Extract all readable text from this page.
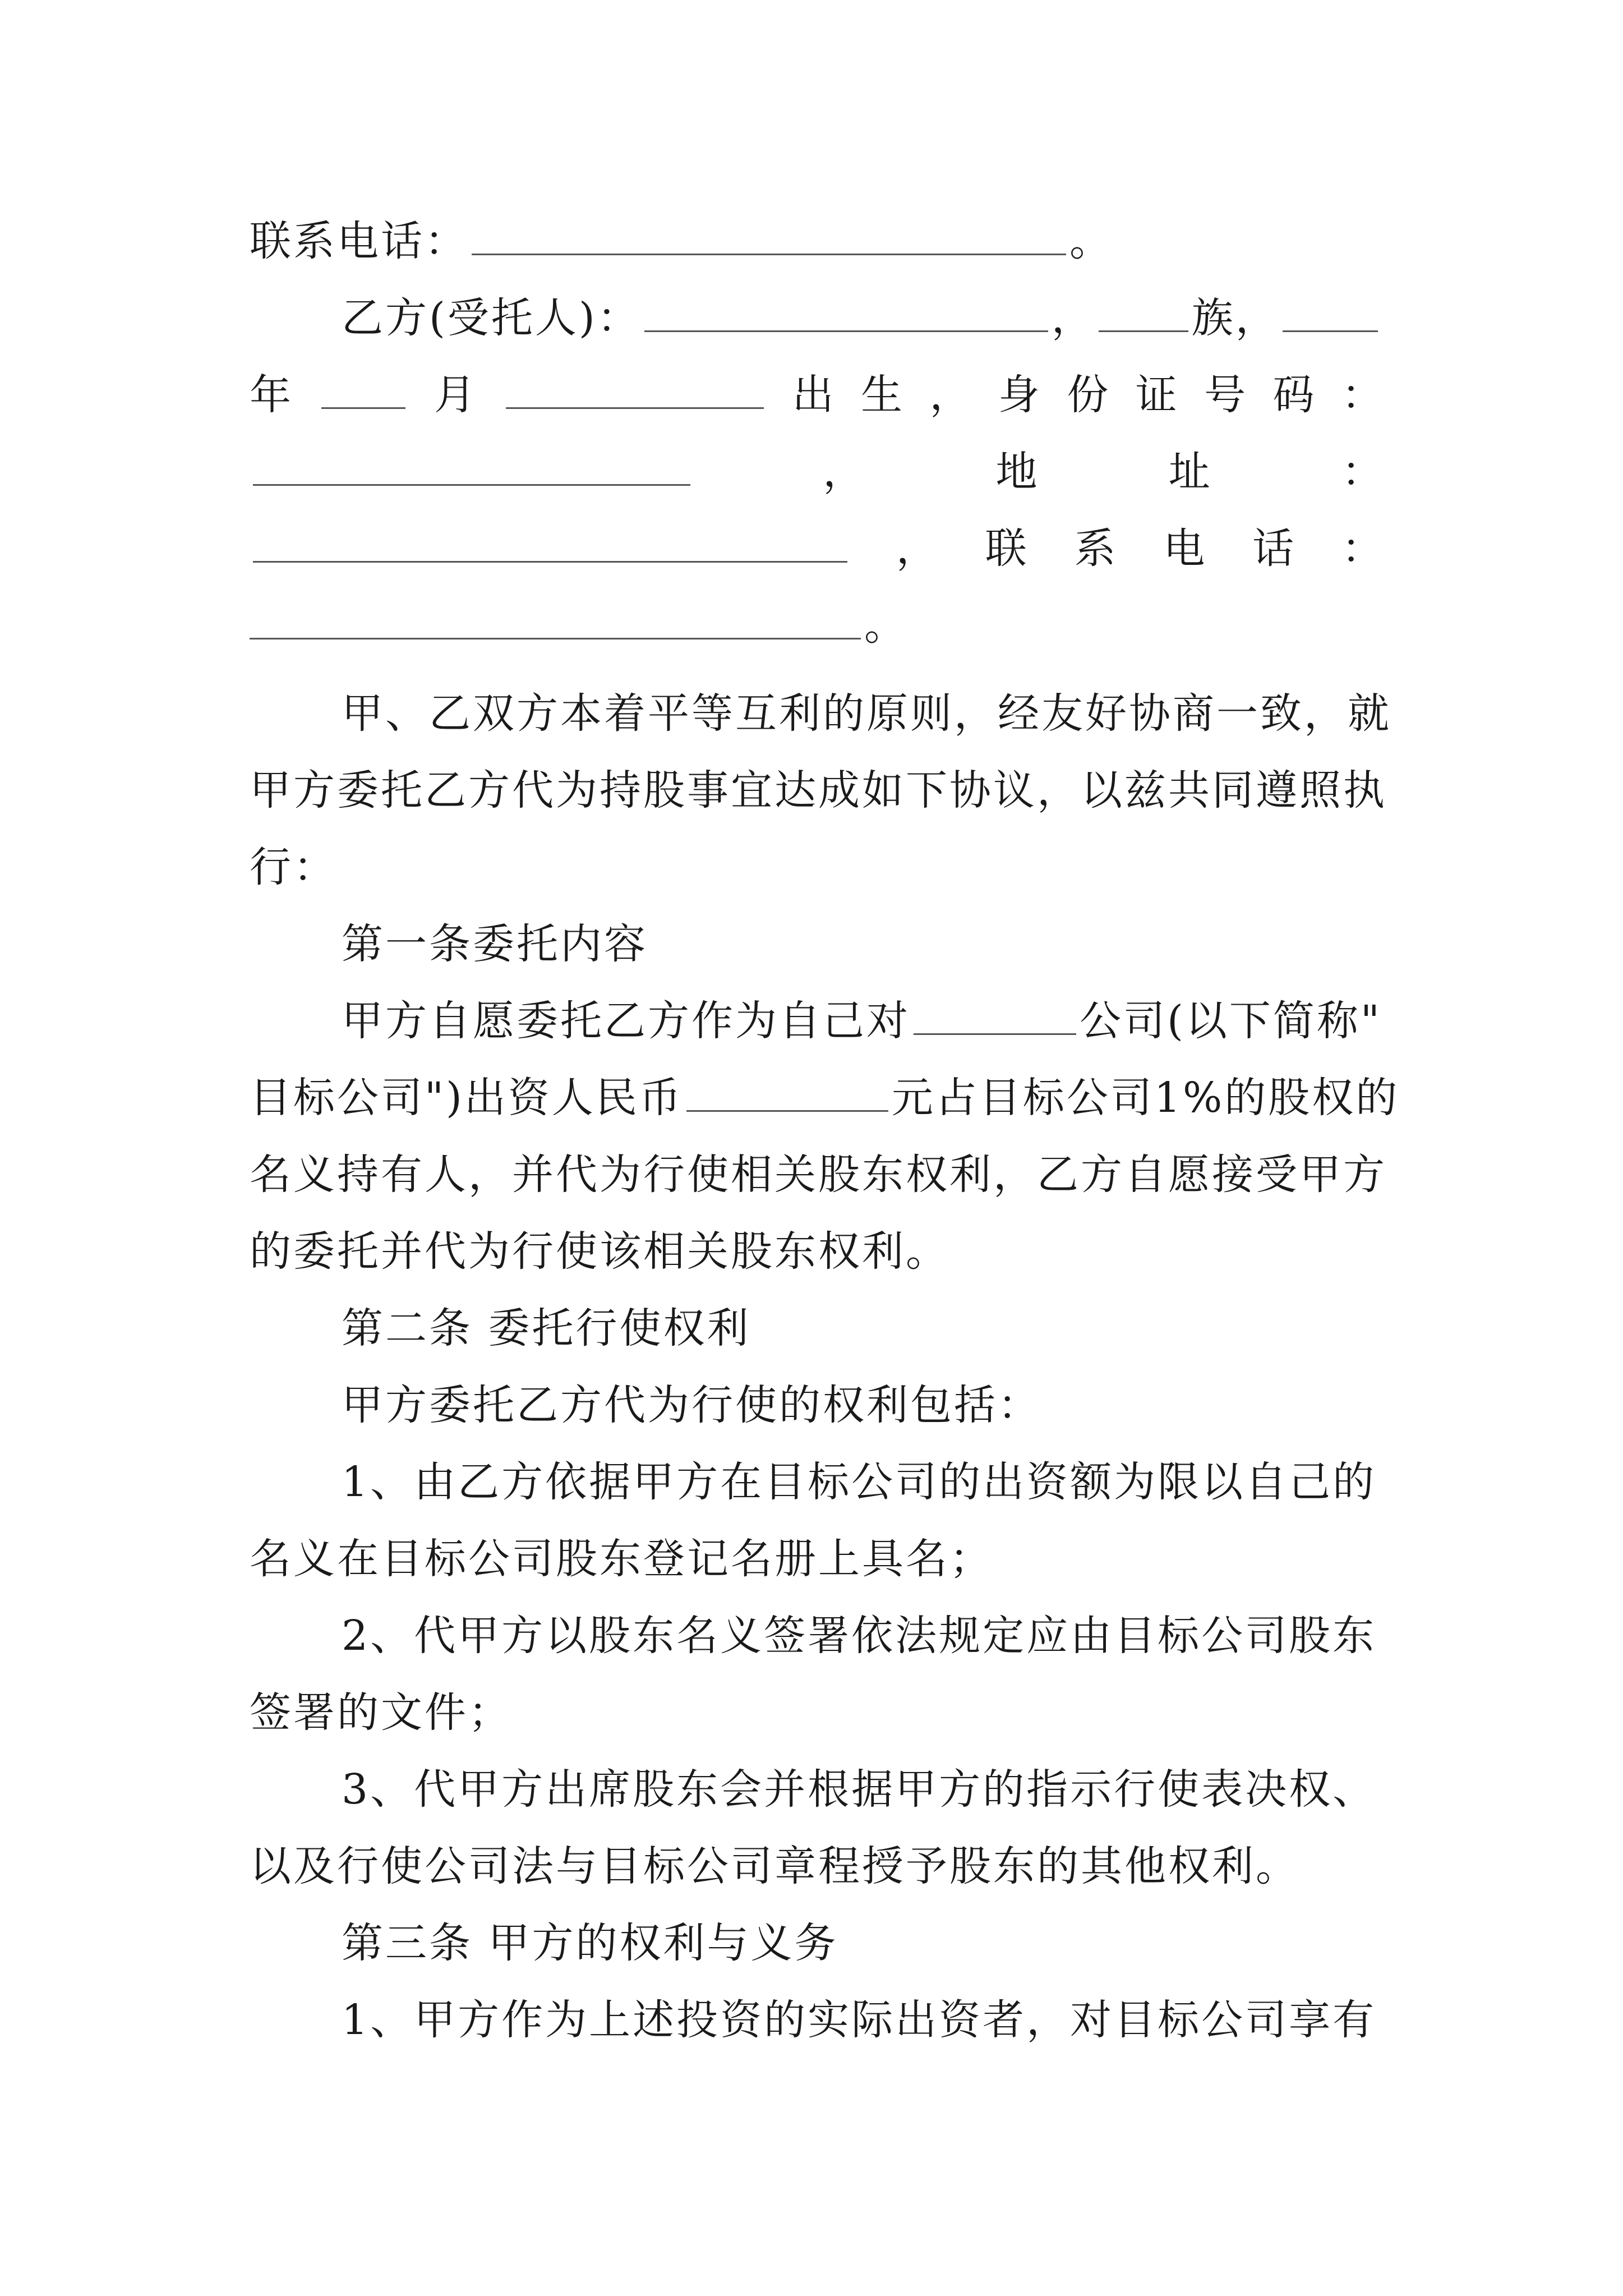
联系电话：	。
乙方(受托人)：	， 族，
年	月	出 生 ， 身 份 证 号 码 ：
，	地	址	：
， 联 系 电 话 ：
。
甲、乙双方本着平等互利的原则，经友好协商一致，就
甲方委托乙方代为持股事宜达成如下协议，以兹共同遵照执
行：
第一条委托内容
甲方自愿委托乙方作为自己对	公司(以下简称"
目标公司")出资人民币	元占目标公司1%的股权的
名义持有人，并代为行使相关股东权利，乙方自愿接受甲方
的委托并代为行使该相关股东权利。
第二条 委托行使权利
甲方委托乙方代为行使的权利包括：
1、由乙方依据甲方在目标公司的出资额为限以自己的
名义在目标公司股东登记名册上具名；
2、代甲方以股东名义签署依法规定应由目标公司股东
签署的文件；
3、代甲方出席股东会并根据甲方的指示行使表决权、
以及行使公司法与目标公司章程授予股东的其他权利。
第三条 甲方的权利与义务
1、甲方作为上述投资的实际出资者，对目标公司享有
